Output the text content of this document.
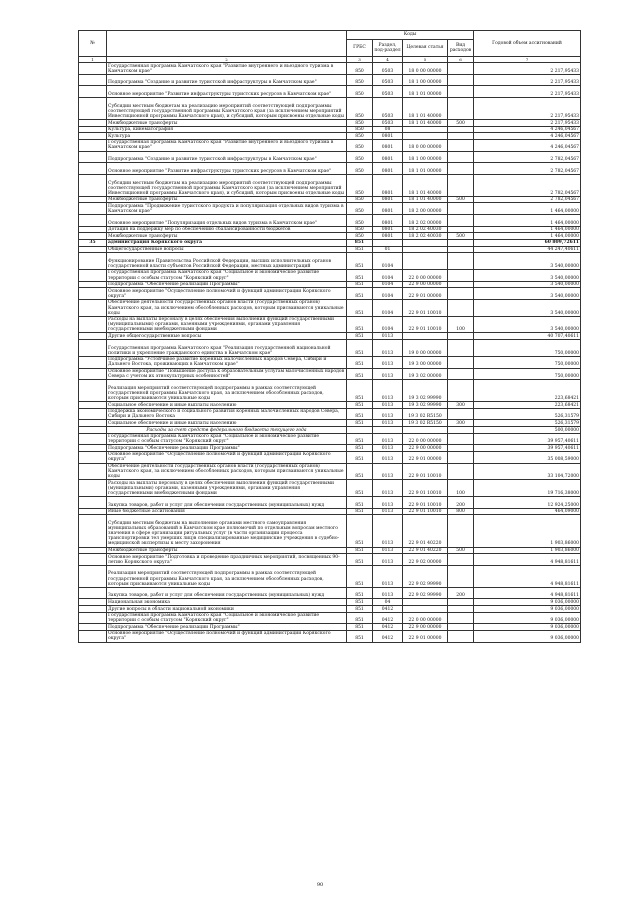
№		Коды				Годовой объем ассигнований
		ГРБС	Раздел, под-раздел	Целевая статья	Вид расходов	
1	2	3	4	5	6	7
	Государственная программа Камчатского края "Развитие внутреннего и въездного туризма в Камчатском крае"	850	0503	18 0 00 00000		2 217,95433
	Подпрограмма "Создание и развитие туристской инфраструктуры в Камчатском крае"	850	0503	18 1 00 00000		2 217,95433
	Основное мероприятие "Развитие инфраструктуры туристских ресурсов в Камчатском крае"	850	0503	18 1 01 00000		2 217,95433
	Субсидии местным бюджетам на реализацию мероприятий соответствующей подпрограммы соответствующей государственной программы Камчатского края (за исключением мероприятий Инвестиционной программы Камчатского края), и субсидий, которым присвоены отдельные коды	850	0503	18 1 01 40000		2 217,95433
	Межбюджетные трансферты	850	0503	18 1 01 40000	500	2 217,95433
	Культура, кинематография	850	08			4 246,04567
	Культура	850	0801			4 246,04567
	Государственная программа Камчатского края "Развитие внутреннего и въездного туризма в Камчатском крае"	850	0801	18 0 00 00000		4 246,04567
	Подпрограмма "Создание и развитие туристской инфраструктуры в Камчатском крае"	850	0801	18 1 00 00000		2 782,04567
	Основное мероприятие "Развитие инфраструктуры туристских ресурсов в Камчатском крае"	850	0801	18 1 01 00000		2 782,04567
	Субсидии местным бюджетам на реализацию мероприятий соответствующей подпрограммы соответствующей государственной программы Камчатского края (за исключением мероприятий Инвестиционной программы Камчатского края), и субсидий, которым присвоены отдельные коды	850	0801	18 1 01 40000		2 782,04567
	Межбюджетные трансферты	850	0801	18 1 01 40000	500	2 782,04567
	Подпрограмма "Продвижение туристского продукта и популяризация отдельных видов туризма в Камчатском крае"	850	0801	18 2 00 00000		1 464,00000
	Основное мероприятие "Популяризация отдельных видов туризма в Камчатском крае"	850	0801	18 2 02 00000		1 464,00000
	Дотация на поддержку мер по обеспечению сбалансированности бюджетов	850	0801	18 2 02 40030		1 464,00000
	Межбюджетные трансферты	850	0801	18 2 02 40030	500	1 464,00000
35	администрация Корякского округа	851				60 809,72611
	Общегосударственные вопросы	851	01			44 247,40611
	Функционирование Правительства Российской Федерации, высших исполнительных органов государственной власти субъектов Российской Федерации, местных администраций	851	0104			3 540,00000
	Государственная программа Камчатского края "Социальное и экономическое развитие территории с особым статусом "Корякский округ"	851	0104	22 0 00 00000		3 540,00000
	Подпрограмма "Обеспечение реализации Программы"	851	0104	22 9 00 00000		3 540,00000
	Основное мероприятие "Осуществление полномочий и функций администрации Корякского округа"	851	0104	22 9 01 00000		3 540,00000
	Обеспечение деятельности государственных органов власти (государственных органов) Камчатского края, за исключением обособленных расходов, которым присваиваются уникальные коды	851	0104	22 9 01 10010		3 540,00000
	Расходы на выплаты персоналу в целях обеспечения выполнения функций государственными (муниципальными) органами, казенными учреждениями, органами управления государственными внебюджетными фондами	851	0104	22 9 01 10010	100	3 540,00000
	Другие общегосударственные вопросы	851	0113			40 707,40611
	Государственная программа Камчатского края "Реализация государственной национальной политики и укрепление гражданского единства в Камчатском крае"	851	0113	19 0 00 00000		750,00000
	Подпрограмма "Устойчивое развитие коренных малочисленных народов Севера, Сибири и Дальнего Востока, проживающих в Камчатском крае"	851	0113	19 3 00 00000		750,00000
	Основное мероприятие "Повышение доступа к образовательным услугам малочисленных народов Севера с учетом их этнокультурных особенностей"	851	0113	19 3 02 00000		750,00000
	Реализация мероприятий соответствующей подпрограммы в рамках соответствующей государственной программы Камчатского края, за исключением обособленных расходов, которым присваиваются уникальные коды	851	0113	19 3 02 99990		223,68421
	Социальное обеспечение и иные выплаты населению	851	0113	19 3 02 99990	300	223,68421
	Поддержка экономического и социального развития коренных малочисленных народов Севера, Сибири и Дальнего Востока	851	0113	19 3 02 R5150		526,31579
	Социальное обеспечение и иные выплаты населению	851	0113	19 3 02 R5150	300	526,31579
	Расходы за счет средств федерального бюджета текущего года					500,00000
	Государственная программа Камчатского края "Социальное и экономическое развитие территории с особым статусом "Корякский округ"	851	0113	22 0 00 00000		39 957,40611
	Подпрограмма "Обеспечение реализации Программы"	851	0113	22 9 00 00000		39 957,40611
	Основное мероприятие "Осуществление полномочий и функций администрации Корякского округа"	851	0113	22 9 01 00000		35 008,59000
	Обеспечение деятельности государственных органов власти (государственных органов) Камчатского края, за исключением обособленных расходов, которым присваиваются уникальные коды	851	0113	22 9 01 10010		33 104,72000
	Расходы на выплаты персоналу в целях обеспечения выполнения функций государственными (муниципальными) органами, казенными учреждениями, органами управления государственными внебюджетными фондами	851	0113	22 9 01 10010	100	19 716,38000
	Закупка товаров, работ и услуг для обеспечения государственных (муниципальных) нужд	851	0113	22 9 01 10010	200	12 924,25000
	Иные бюджетные ассигнования	851	0113	22 9 01 10010	800	464,09000
	Субсидии местным бюджетам на выполнение органами местного самоуправления муниципальных образований в Камчатском крае полномочий по отдельным вопросам местного значения в сфере организации ритуальных услуг (в части организации процесса транспортировки тел умерших лиц)в специализированные медицинские учреждения в судебно-медицинской экспертизы к месту захоронения	851	0113	22 9 01 40220		1 903,86000
	Межбюджетные трансферты	851	0113	22 9 01 40220	500	1 903,86000
	Основное мероприятие "Подготовка и проведение праздничных мероприятий, посвященных 90-летию Корякского округа"	851	0113	22 9 02 00000		4 948,81611
	Реализация мероприятий соответствующей подпрограммы в рамках соответствующей государственной программы Камчатского края, за исключением обособленных расходов, которым присваиваются уникальные коды	851	0113	22 9 02 99990		4 948,81611
	Закупка товаров, работ и услуг для обеспечения государственных (муниципальных) нужд	851	0113	22 9 02 99990	200	4 948,81611
	Национальная экономика	851	04			9 036,00000
	Другие вопросы в области национальной экономики	851	0412			9 036,00000
	Государственная программа Камчатского края "Социальное и экономическое развитие территории с особым статусом "Корякский округ"	851	0412	22 0 00 00000		9 036,00000
	Подпрограмма "Обеспечение реализации Программы"	851	0412	22 9 00 00000		9 036,00000
	Основное мероприятие "Осуществление полномочий и функций администрации Корякского округа"	851	0412	22 9 01 00000		9 036,00000
90
